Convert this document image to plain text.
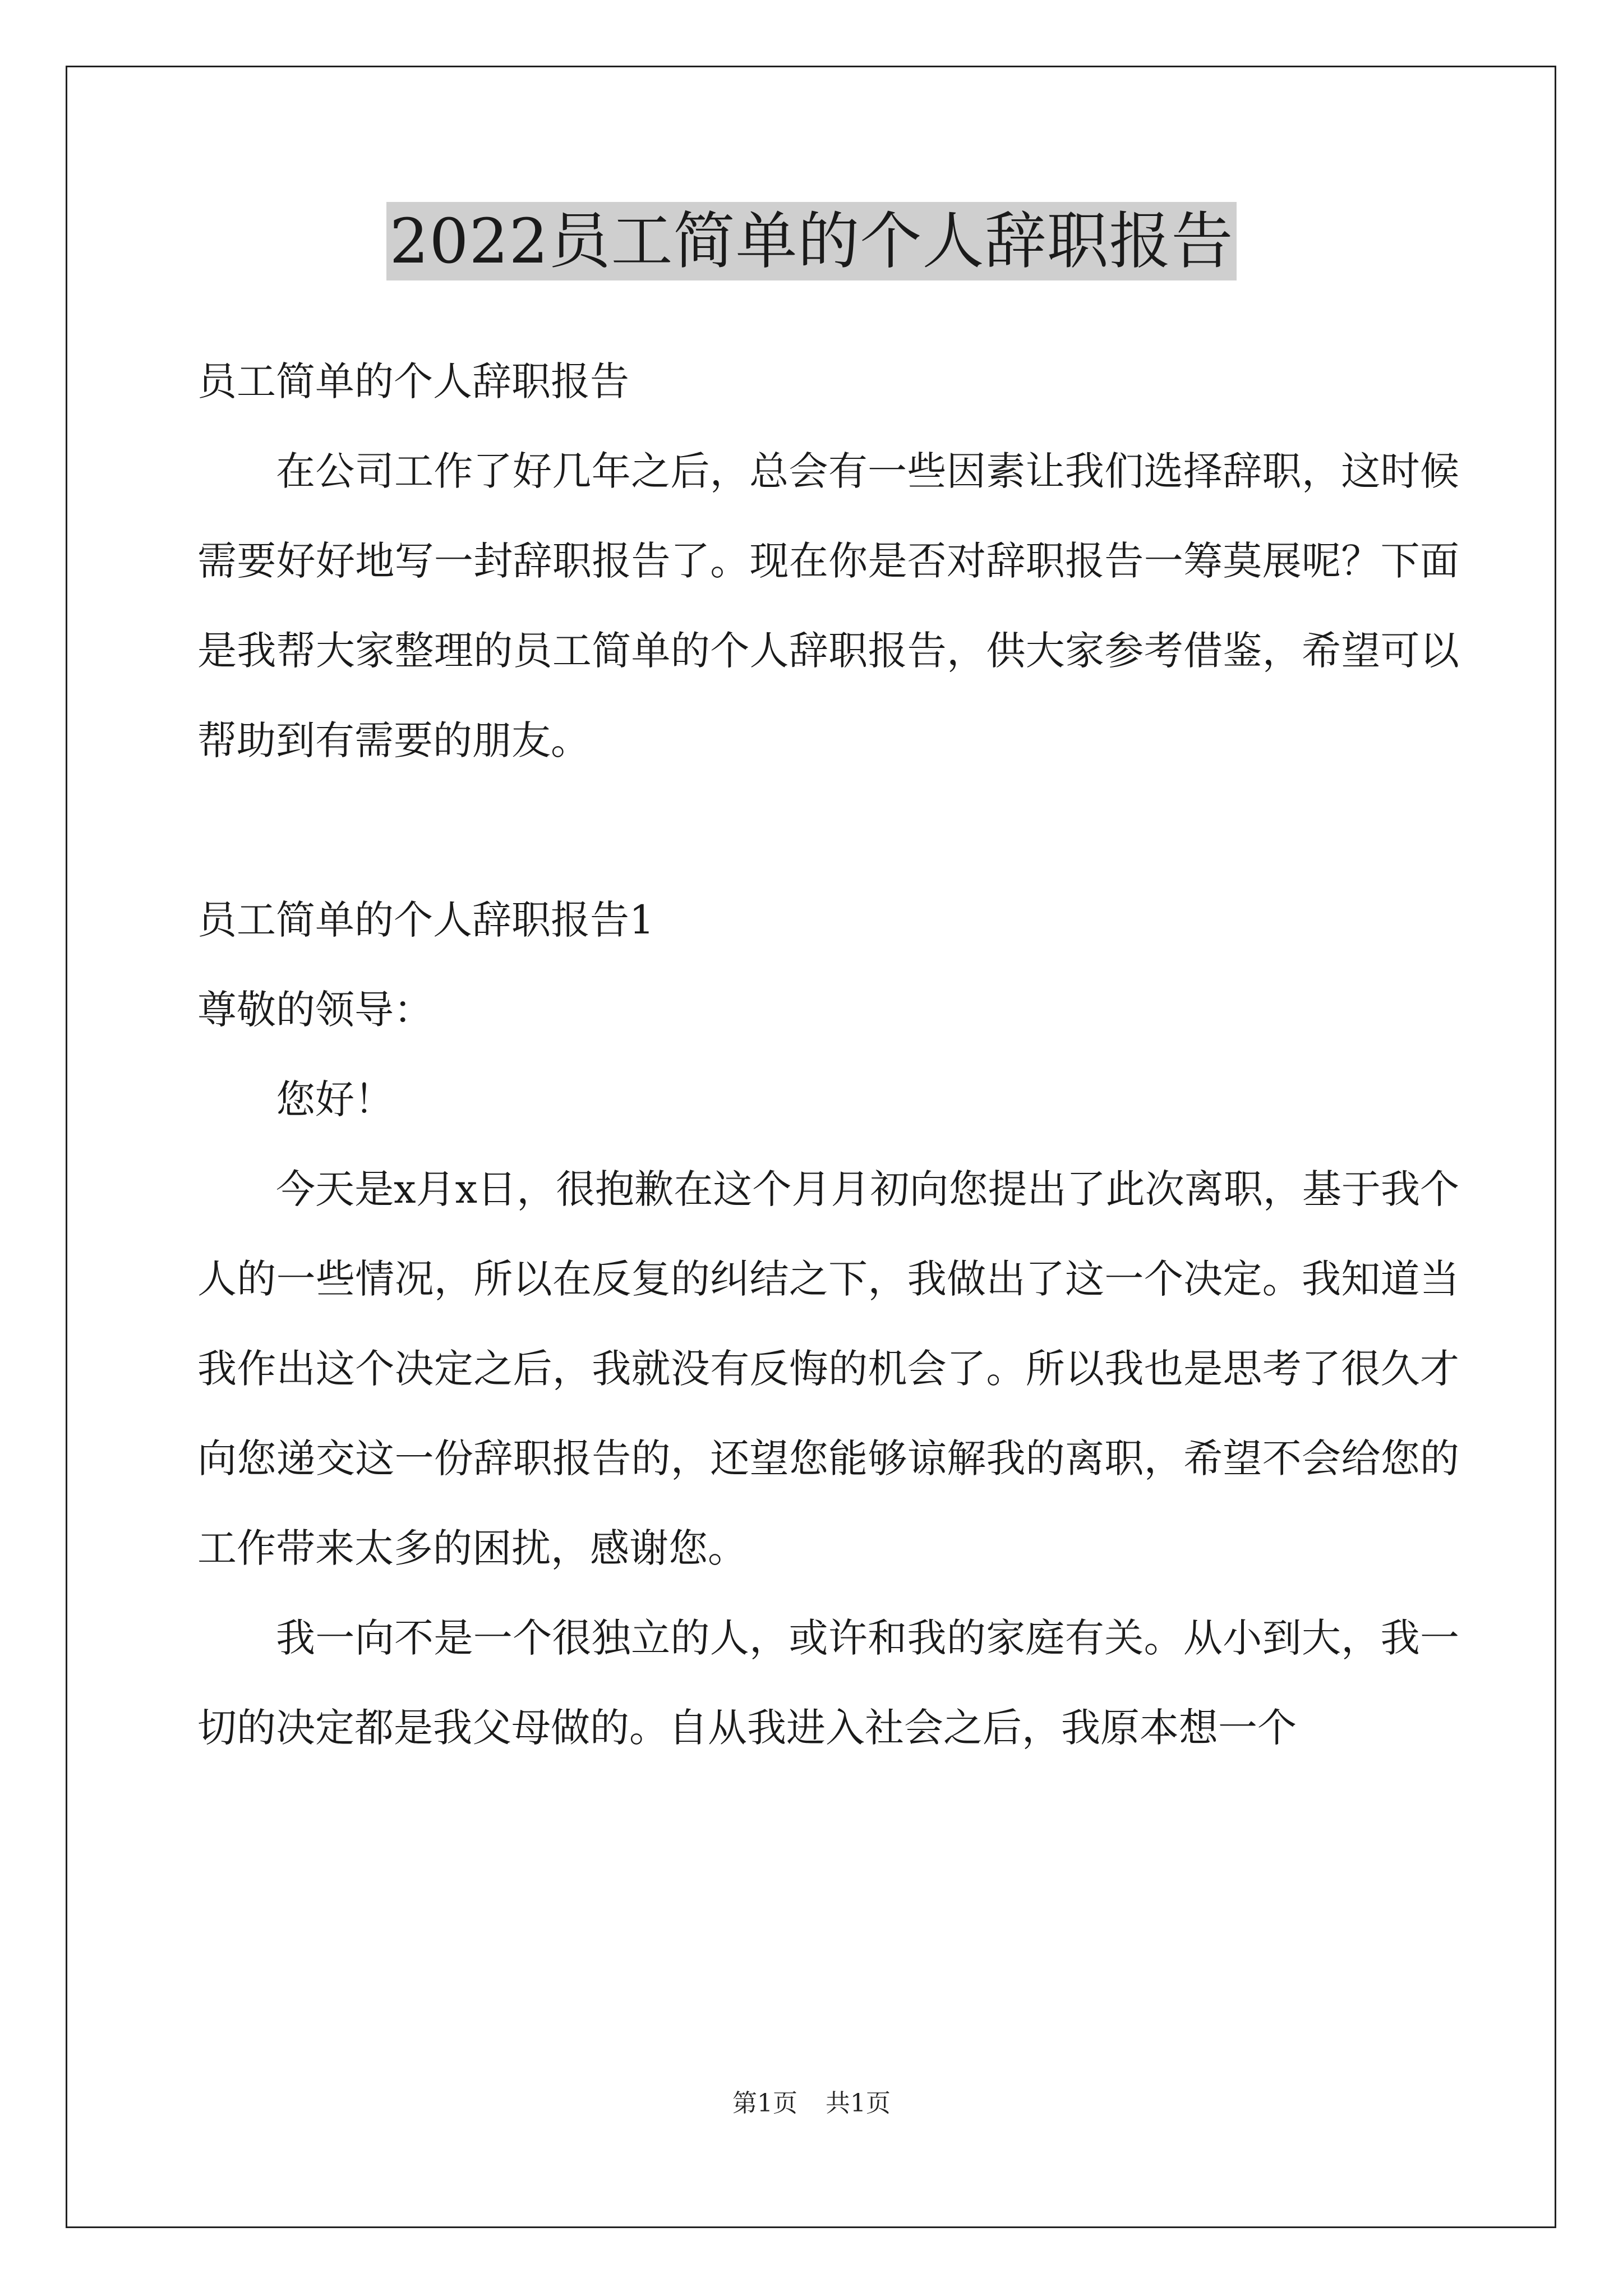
2022员工简单的个人辞职报告

员工简单的个人辞职报告

在公司工作了好几年之后，总会有一些因素让我们选择辞职，这时候需要好好地写一封辞职报告了。现在你是否对辞职报告一筹莫展呢？下面是我帮大家整理的员工简单的个人辞职报告，供大家参考借鉴，希望可以帮助到有需要的朋友。

员工简单的个人辞职报告1

尊敬的领导：

您好！

今天是x月x日，很抱歉在这个月月初向您提出了此次离职，基于我个人的一些情况，所以在反复的纠结之下，我做出了这一个决定。我知道当我作出这个决定之后，我就没有反悔的机会了。所以我也是思考了很久才向您递交这一份辞职报告的，还望您能够谅解我的离职，希望不会给您的工作带来太多的困扰，感谢您。

我一向不是一个很独立的人，或许和我的家庭有关。从小到大，我一切的决定都是我父母做的。自从我进入社会之后，我原本想一个

第1页 共1页
